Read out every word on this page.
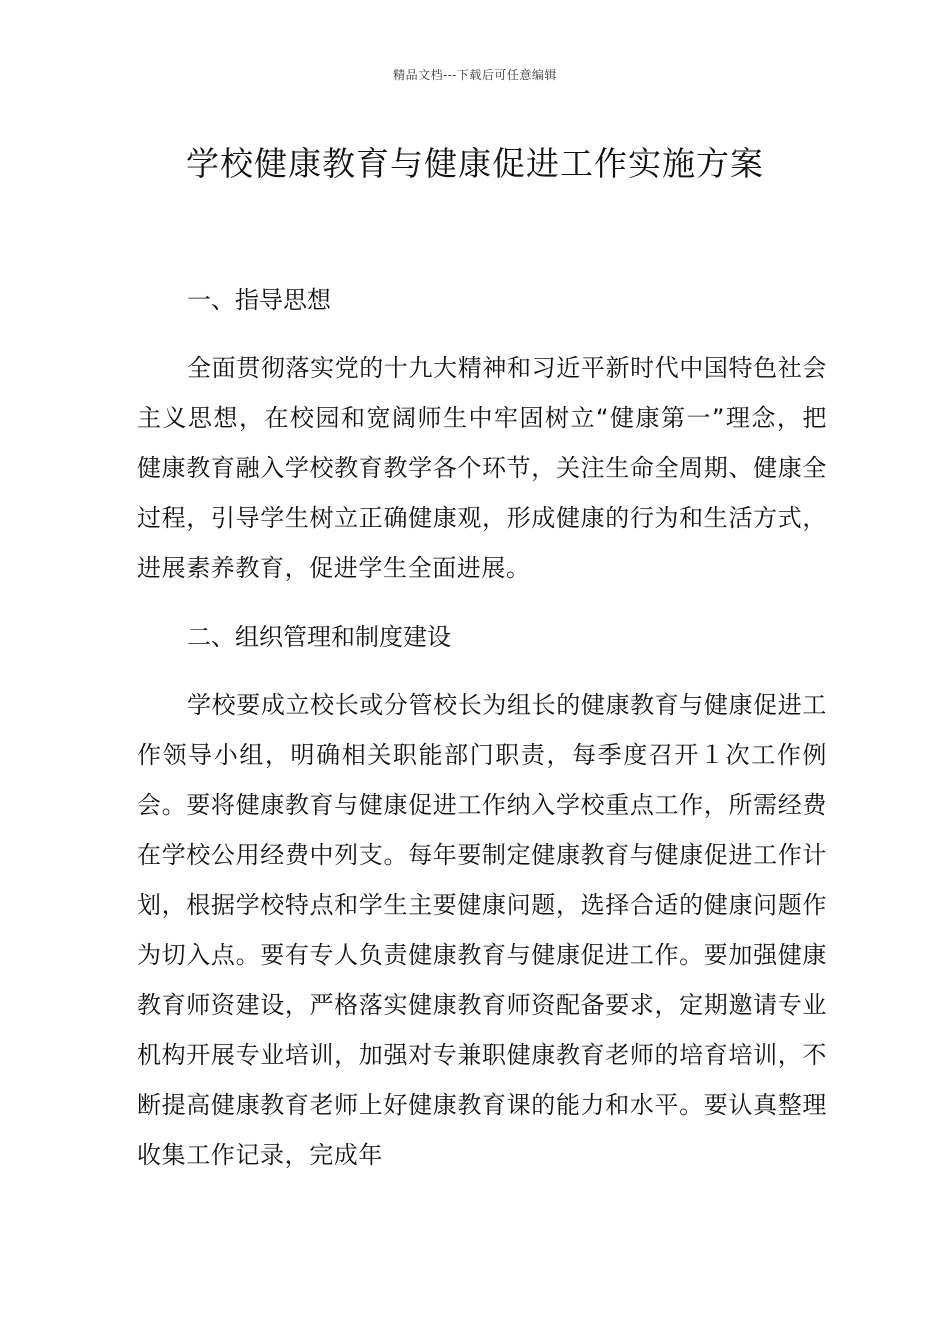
精品文档---下载后可任意编辑
学校健康教育与健康促进工作实施方案
一、指导思想

全面贯彻落实党的十九大精神和习近平新时代中国特色社会主义思想，在校园和宽阔师生中牢固树立“健康第一”理念，把健康教育融入学校教育教学各个环节，关注生命全周期、健康全过程，引导学生树立正确健康观，形成健康的行为和生活方式，进展素养教育，促进学生全面进展。

二、组织管理和制度建设

学校要成立校长或分管校长为组长的健康教育与健康促进工作领导小组，明确相关职能部门职责，每季度召开１次工作例会。要将健康教育与健康促进工作纳入学校重点工作，所需经费在学校公用经费中列支。每年要制定健康教育与健康促进工作计划，根据学校特点和学生主要健康问题，选择合适的健康问题作为切入点。要有专人负责健康教育与健康促进工作。要加强健康教育师资建设，严格落实健康教育师资配备要求，定期邀请专业机构开展专业培训，加强对专兼职健康教育老师的培育培训，不断提高健康教育老师上好健康教育课的能力和水平。要认真整理收集工作记录，完成年
